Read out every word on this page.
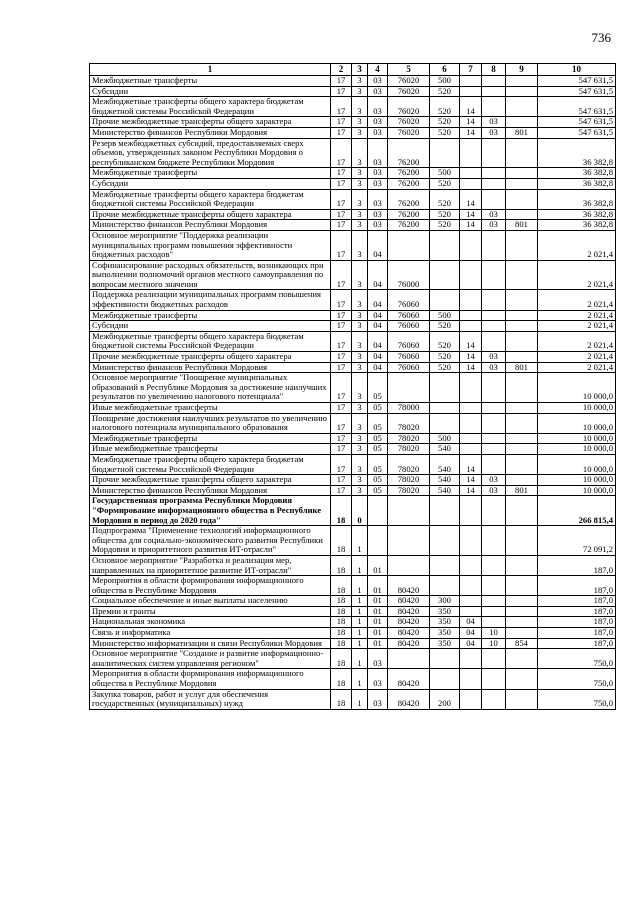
736
1	2	3	4	5	6	7	8	9	10
Межбюджетные трансферты	17	3	03	76020	500				547 631,5
Субсидии	17	3	03	76020	520				547 631,5
Межбюджетные трансферты общего характера бюджетам бюджетной системы Российской Федерации	17	3	03	76020	520	14			547 631,5
Прочие межбюджетные трансферты общего характера	17	3	03	76020	520	14	03		547 631,5
Министерство финансов Республики Мордовия	17	3	03	76020	520	14	03	801	547 631,5
Резерв межбюджетных субсидий, предоставляемых сверх объемов, утвержденных законом Республики Мордовия о республиканском бюджете Республики Мордовия	17	3	03	76200					36 382,8
Межбюджетные трансферты	17	3	03	76200	500				36 382,8
Субсидии	17	3	03	76200	520				36 382,8
Межбюджетные трансферты общего характера бюджетам бюджетной системы Российской Федерации	17	3	03	76200	520	14			36 382,8
Прочие межбюджетные трансферты общего характера	17	3	03	76200	520	14	03		36 382,8
Министерство финансов Республики Мордовия	17	3	03	76200	520	14	03	801	36 382,8
Основное мероприятие "Поддержка реализации муниципальных программ повышения эффективности бюджетных расходов"	17	3	04						2 021,4
Софинансирование расходных обязательств, возникающих при выполнении полномочий органов местного самоуправления по вопросам местного значения	17	3	04	76000					2 021,4
Поддержка реализации муниципальных программ повышения эффективности бюджетных расходов	17	3	04	76060					2 021,4
Межбюджетные трансферты	17	3	04	76060	500				2 021,4
Субсидии	17	3	04	76060	520				2 021,4
Межбюджетные трансферты общего характера бюджетам бюджетной системы Российской Федерации	17	3	04	76060	520	14			2 021,4
Прочие межбюджетные трансферты общего характера	17	3	04	76060	520	14	03		2 021,4
Министерство финансов Республики Мордовия	17	3	04	76060	520	14	03	801	2 021,4
Основное мероприятие "Поощрение муниципальных образований в Республике Мордовия за достижение наилучших результатов по увеличению налогового потенциала"	17	3	05						10 000,0
Иные межбюджетные трансферты	17	3	05	78000					10 000,0
Поощрение достижения наилучших результатов по увеличению налогового потенциала муниципального образования	17	3	05	78020					10 000,0
Межбюджетные трансферты	17	3	05	78020	500				10 000,0
Иные межбюджетные трансферты	17	3	05	78020	540				10 000,0
Межбюджетные трансферты общего характера бюджетам бюджетной системы Российской Федерации	17	3	05	78020	540	14			10 000,0
Прочие межбюджетные трансферты общего характера	17	3	05	78020	540	14	03		10 000,0
Министерство финансов Республики Мордовия	17	3	05	78020	540	14	03	801	10 000,0
Государственная программа Республики Мордовия "Формирование информационного общества в Республике Мордовия в период до 2020 года"	18	0							266 815,4
Подпрограмма "Применение технологий информационного общества для социально-экономического развития Республики Мордовия и приоритетного развития ИТ-отрасли"	18	1							72 091,2
Основное мероприятие "Разработка и реализация мер, направленных на приоритетное развитие ИТ-отрасли"	18	1	01						187,0
Мероприятия в области формирования информационного общества в Республике Мордовия	18	1	01	80420					187,0
Социальное обеспечение и иные выплаты населению	18	1	01	80420	300				187,0
Премии и гранты	18	1	01	80420	350				187,0
Национальная экономика	18	1	01	80420	350	04			187,0
Связь и информатика	18	1	01	80420	350	04	10		187,0
Министерство информатизации и связи Республики Мордовия	18	1	01	80420	350	04	10	854	187,0
Основное мероприятие "Создание и развитие информационно-аналитических систем управления регионом"	18	1	03						750,0
Мероприятия в области формирования информационного общества в Республике Мордовия	18	1	03	80420					750,0
Закупка товаров, работ и услуг для обеспечения государственных (муниципальных) нужд	18	1	03	80420	200				750,0
